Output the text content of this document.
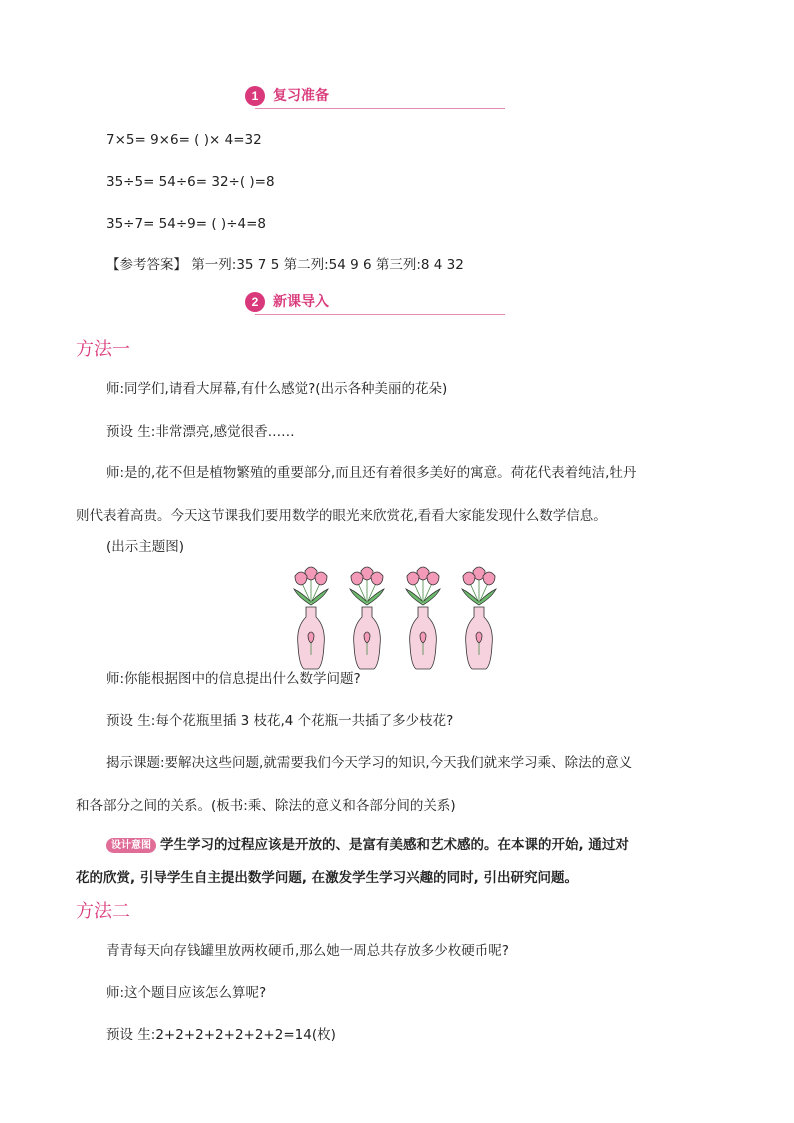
1	复习准备
7×5= 9×6= ( )× 4=32
35÷5= 54÷6= 32÷( )=8
35÷7= 54÷9= ( )÷4=8
【参考答案】 第一列:35 7 5 第二列:54 9 6 第三列:8 4 32
2	新课导入
方法一
师:同学们,请看大屏幕,有什么感觉?(出示各种美丽的花朵)
预设 生:非常漂亮,感觉很香……
师:是的,花不但是植物繁殖的重要部分,而且还有着很多美好的寓意。荷花代表着纯洁,牡丹
则代表着高贵。今天这节课我们要用数学的眼光来欣赏花,看看大家能发现什么数学信息。
(出示主题图)
师:你能根据图中的信息提出什么数学问题?
预设 生:每个花瓶里插 3 枝花,4 个花瓶一共插了多少枝花?
揭示课题:要解决这些问题,就需要我们今天学习的知识,今天我们就来学习乘、除法的意义
和各部分之间的关系。(板书:乘、除法的意义和各部分间的关系)
设计意图 学生学习的过程应该是开放的、是富有美感和艺术感的。在本课的开始, 通过对
花的欣赏, 引导学生自主提出数学问题, 在激发学生学习兴趣的同时, 引出研究问题。
方法二
青青每天向存钱罐里放两枚硬币,那么她一周总共存放多少枚硬币呢?
师:这个题目应该怎么算呢?
预设 生:2+2+2+2+2+2+2=14(枚)
